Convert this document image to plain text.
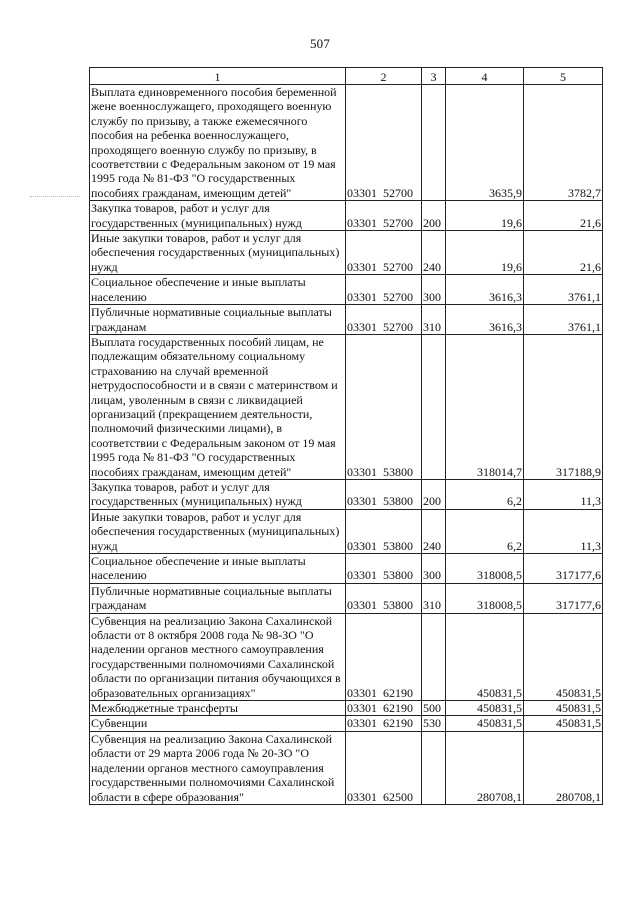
507
1	2	3	4	5
Выплата единовременного пособия беременной жене военнослужащего, проходящего военную службу по призыву, а также ежемесячного пособия на ребенка военнослужащего, проходящего военную службу по призыву, в соответствии с Федеральным законом от 19 мая 1995 года № 81-ФЗ "О государственных пособиях гражданам, имеющим детей"	03301 52700		3635,9	3782,7
Закупка товаров, работ и услуг для государственных (муниципальных) нужд	03301 52700	200	19,6	21,6
Иные закупки товаров, работ и услуг для обеспечения государственных (муниципальных) нужд	03301 52700	240	19,6	21,6
Социальное обеспечение и иные выплаты населению	03301 52700	300	3616,3	3761,1
Публичные нормативные социальные выплаты гражданам	03301 52700	310	3616,3	3761,1
Выплата государственных пособий лицам, не подлежащим обязательному социальному страхованию на случай временной нетрудоспособности и в связи с материнством и лицам, уволенным в связи с ликвидацией организаций (прекращением деятельности, полномочий физическими лицами), в соответствии с Федеральным законом от 19 мая 1995 года № 81-ФЗ "О государственных пособиях гражданам, имеющим детей"	03301 53800		318014,7	317188,9
Закупка товаров, работ и услуг для государственных (муниципальных) нужд	03301 53800	200	6,2	11,3
Иные закупки товаров, работ и услуг для обеспечения государственных (муниципальных) нужд	03301 53800	240	6,2	11,3
Социальное обеспечение и иные выплаты населению	03301 53800	300	318008,5	317177,6
Публичные нормативные социальные выплаты гражданам	03301 53800	310	318008,5	317177,6
Субвенция на реализацию Закона Сахалинской области от 8 октября 2008 года № 98-ЗО "О наделении органов местного самоуправления государственными полномочиями Сахалинской области по организации питания обучающихся в образовательных организациях"	03301 62190		450831,5	450831,5
Межбюджетные трансферты	03301 62190	500	450831,5	450831,5
Субвенции	03301 62190	530	450831,5	450831,5
Субвенция на реализацию Закона Сахалинской области от 29 марта 2006 года № 20-ЗО "О наделении органов местного самоуправления государственными полномочиями Сахалинской области в сфере образования"	03301 62500		280708,1	280708,1
